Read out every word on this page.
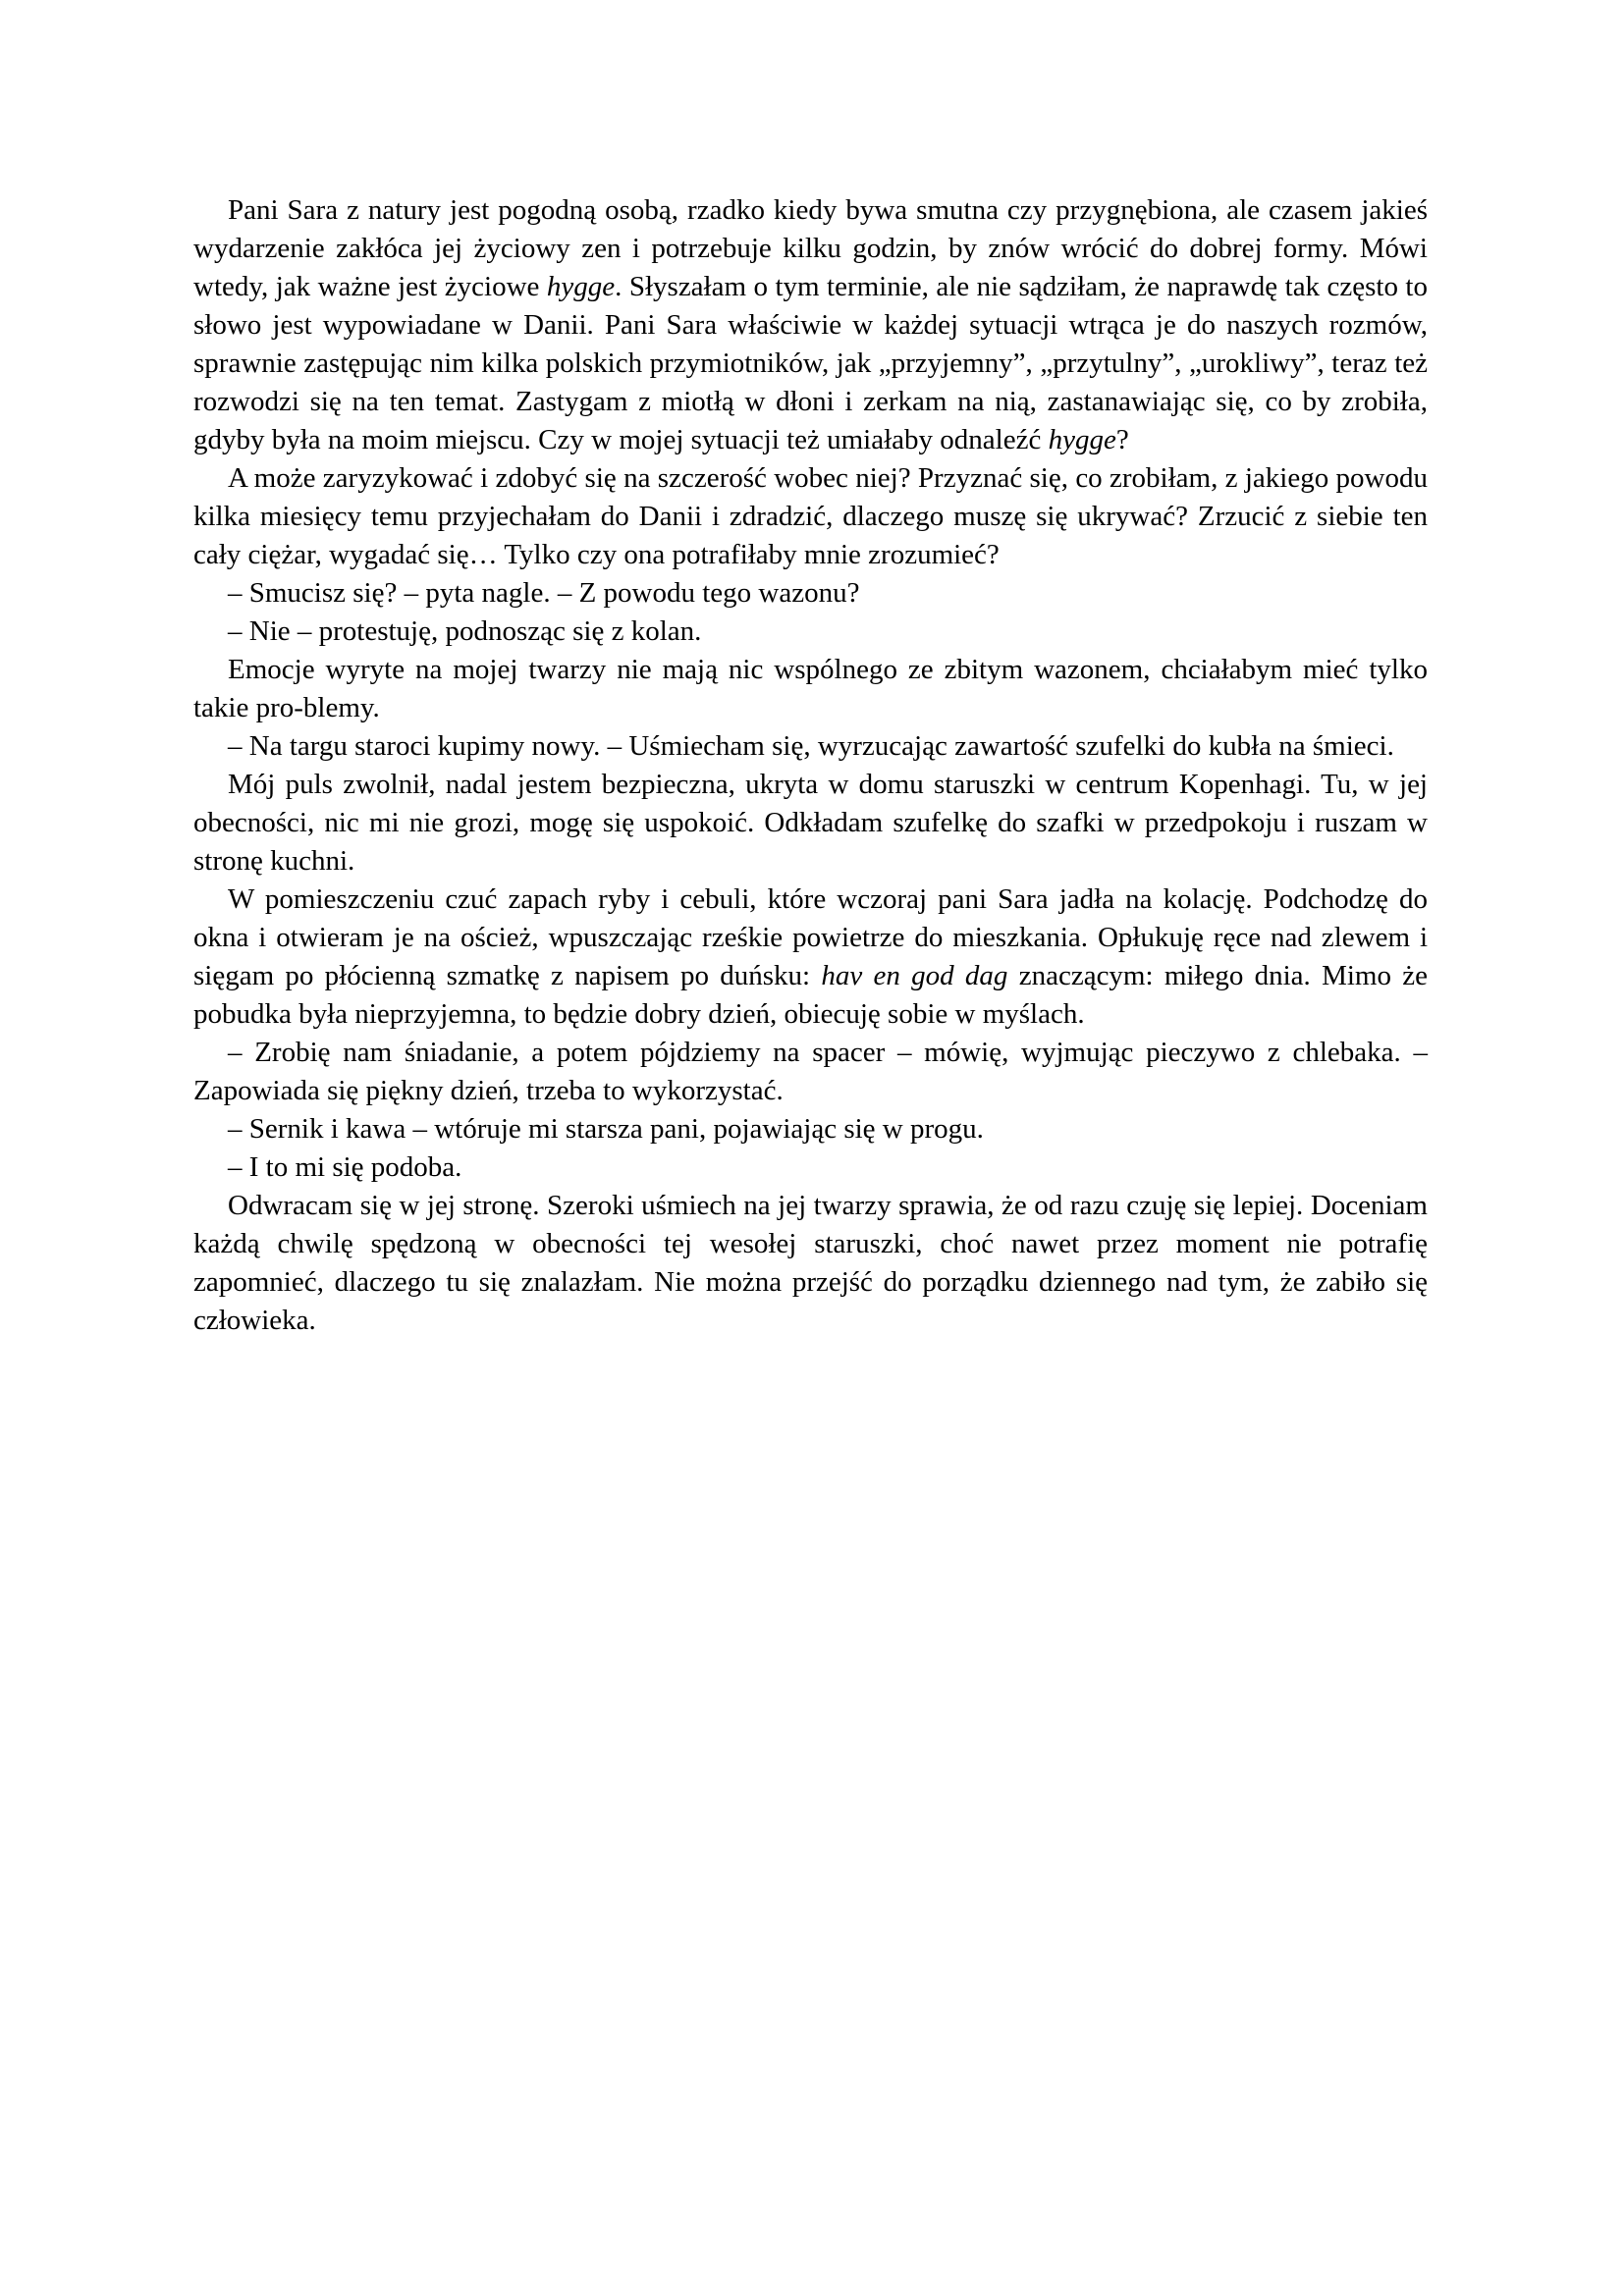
Pani Sara z natury jest pogodną osobą, rzadko kiedy bywa smutna czy przygnębiona, ale czasem jakieś wydarzenie zakłóca jej życiowy zen i potrzebuje kilku godzin, by znów wrócić do dobrej formy. Mówi wtedy, jak ważne jest życiowe hygge. Słyszałam o tym terminie, ale nie sądziłam, że naprawdę tak często to słowo jest wypowiadane w Danii. Pani Sara właściwie w każdej sytuacji wtrąca je do naszych rozmów, sprawnie zastępując nim kilka polskich przymiotników, jak „przyjemny”, „przytulny”, „urokliwy”, teraz też rozwodzi się na ten temat. Zastygam z miotłą w dłoni i zerkam na nią, zastanawiając się, co by zrobiła, gdyby była na moim miejscu. Czy w mojej sytuacji też umiałaby odnaleźć hygge?

A może zaryzykować i zdobyć się na szczerość wobec niej? Przyznać się, co zrobiłam, z jakiego powodu kilka miesięcy temu przyjechałam do Danii i zdradzić, dlaczego muszę się ukrywać? Zrzucić z siebie ten cały ciężar, wygadać się… Tylko czy ona potrafiłaby mnie zrozumieć?

– Smucisz się? – pyta nagle. – Z powodu tego wazonu?

– Nie – protestuję, podnosząc się z kolan.

Emocje wyryte na mojej twarzy nie mają nic wspólnego ze zbitym wazonem, chciałabym mieć tylko takie pro-blemy.

– Na targu staroci kupimy nowy. – Uśmiecham się, wyrzucając zawartość szufelki do kubła na śmieci.

Mój puls zwolnił, nadal jestem bezpieczna, ukryta w domu staruszki w centrum Kopenhagi. Tu, w jej obecności, nic mi nie grozi, mogę się uspokoić. Odkładam szufelkę do szafki w przedpokoju i ruszam w stronę kuchni.

W pomieszczeniu czuć zapach ryby i cebuli, które wczoraj pani Sara jadła na kolację. Podchodzę do okna i otwieram je na oścież, wpuszczając rześkie powietrze do mieszkania. Opłukuję ręce nad zlewem i sięgam po płócienną szmatkę z napisem po duńsku: hav en god dag znaczącym: miłego dnia. Mimo że pobudka była nieprzyjemna, to będzie dobry dzień, obiecuję sobie w myślach.

– Zrobię nam śniadanie, a potem pójdziemy na spacer – mówię, wyjmując pieczywo z chlebaka. – Zapowiada się piękny dzień, trzeba to wykorzystać.

– Sernik i kawa – wtóruje mi starsza pani, pojawiając się w progu.

– I to mi się podoba.

Odwracam się w jej stronę. Szeroki uśmiech na jej twarzy sprawia, że od razu czuję się lepiej. Doceniam każdą chwilę spędzoną w obecności tej wesołej staruszki, choć nawet przez moment nie potrafię zapomnieć, dlaczego tu się znalazłam. Nie można przejść do porządku dziennego nad tym, że zabiło się człowieka.
